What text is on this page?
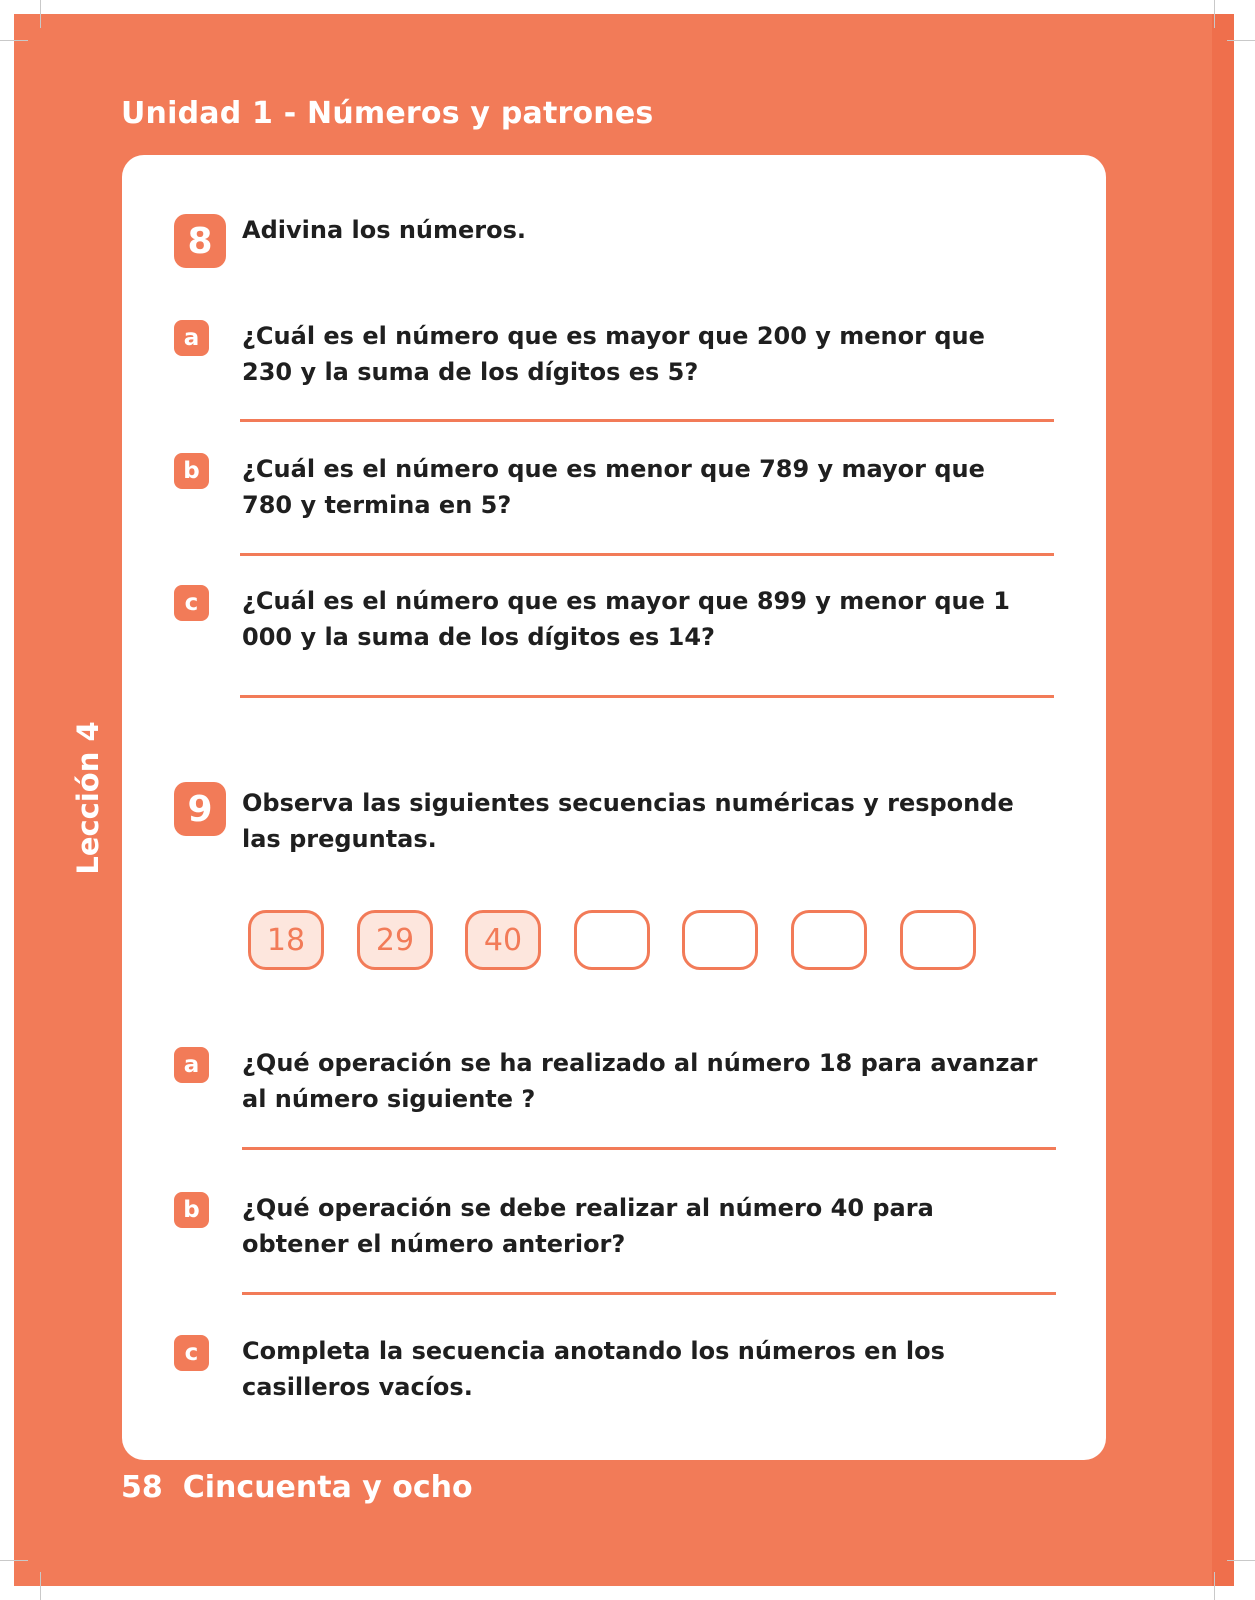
Unidad 1 - Números y patrones
Lección 4
8	Adivina los números.
a	¿Cuál es el número que es mayor que 200 y menor que 230 y la suma de los dígitos es 5?
b	¿Cuál es el número que es menor que 789 y mayor que 780 y termina en 5?
c	¿Cuál es el número que es mayor que 899 y menor que 1 000 y la suma de los dígitos es 14?
9	Observa las siguientes secuencias numéricas y responde las preguntas.
18	29	40
a	¿Qué operación se ha realizado al número 18 para avanzar al número siguiente ?
b	¿Qué operación se debe realizar al número 40 para obtener el número anterior?
c	Completa la secuencia anotando los números en los casilleros vacíos.
58 Cincuenta y ocho
